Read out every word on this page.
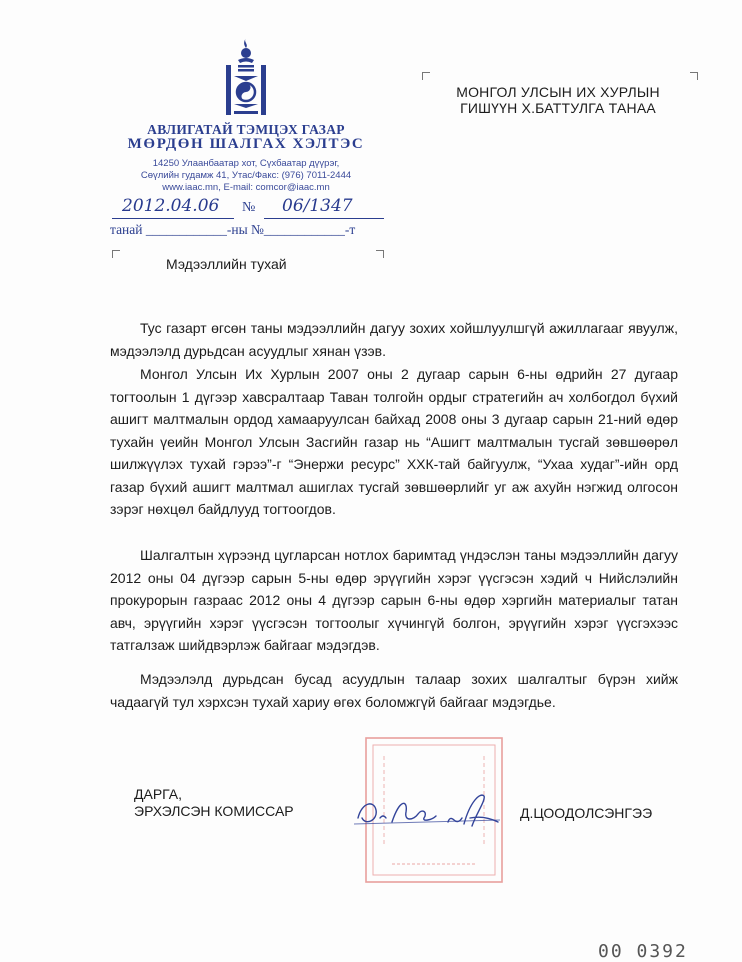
АВЛИГАТАЙ ТЭМЦЭХ ГАЗАР
МӨРДӨН ШАЛГАХ ХЭЛТЭС
14250 Улаанбаатар хот, Сүхбаатар дүүрэг,
Сөүлийн гудамж 41, Утас/Факс: (976) 7011-2444
www.iaac.mn, E-mail: comcor@iaac.mn
2012.04.06 № 06/1347
танай ____________-ны №____________-т
МОНГОЛ УЛСЫН ИХ ХУРЛЫН
ГИШҮҮН Х.БАТТУЛГА ТАНАА
Мэдээллийн тухай

Тус газарт өгсөн таны мэдээллийн дагуу зохих хойшлуулшгүй ажиллагааг явуулж, мэдээлэлд дурьдсан асуудлыг хянан үзэв.

Монгол Улсын Их Хурлын 2007 оны 2 дугаар сарын 6-ны өдрийн 27 дугаар тогтоолын 1 дүгээр хавсралтаар Таван толгойн ордыг стратегийн ач холбогдол бүхий ашигт малтмалын ордод хамааруулсан байхад 2008 оны 3 дугаар сарын 21-ний өдөр тухайн үеийн Монгол Улсын Засгийн газар нь “Ашигт малтмалын тусгай зөвшөөрөл шилжүүлэх тухай гэрээ”-г “Энержи ресурс” ХХК-тай байгуулж, “Ухаа худаг”-ийн орд газар бүхий ашигт малтмал ашиглах тусгай зөвшөөрлийг уг аж ахуйн нэгжид олгосон зэрэг нөхцөл байдлууд тогтоогдов.

Шалгалтын хүрээнд цугларсан нотлох баримтад үндэслэн таны мэдээллийн дагуу 2012 оны 04 дүгээр сарын 5-ны өдөр эрүүгийн хэрэг үүсгэсэн хэдий ч Нийслэлийн прокурорын газраас 2012 оны 4 дүгээр сарын 6-ны өдөр хэргийн материалыг татан авч, эрүүгийн хэрэг үүсгэсэн тогтоолыг хүчингүй болгон, эрүүгийн хэрэг үүсгэхээс татгалзаж шийдвэрлэж байгааг мэдэгдэв.

Мэдээлэлд дурьдсан бусад асуудлын талаар зохих шалгалтыг бүрэн хийж чадаагүй тул хэрхсэн тухай хариу өгөх боломжгүй байгааг мэдэгдье.

ДАРГА,
ЭРХЭЛСЭН КОМИССАР	Д.ЦООДОЛСЭНГЭЭ
00 0392
